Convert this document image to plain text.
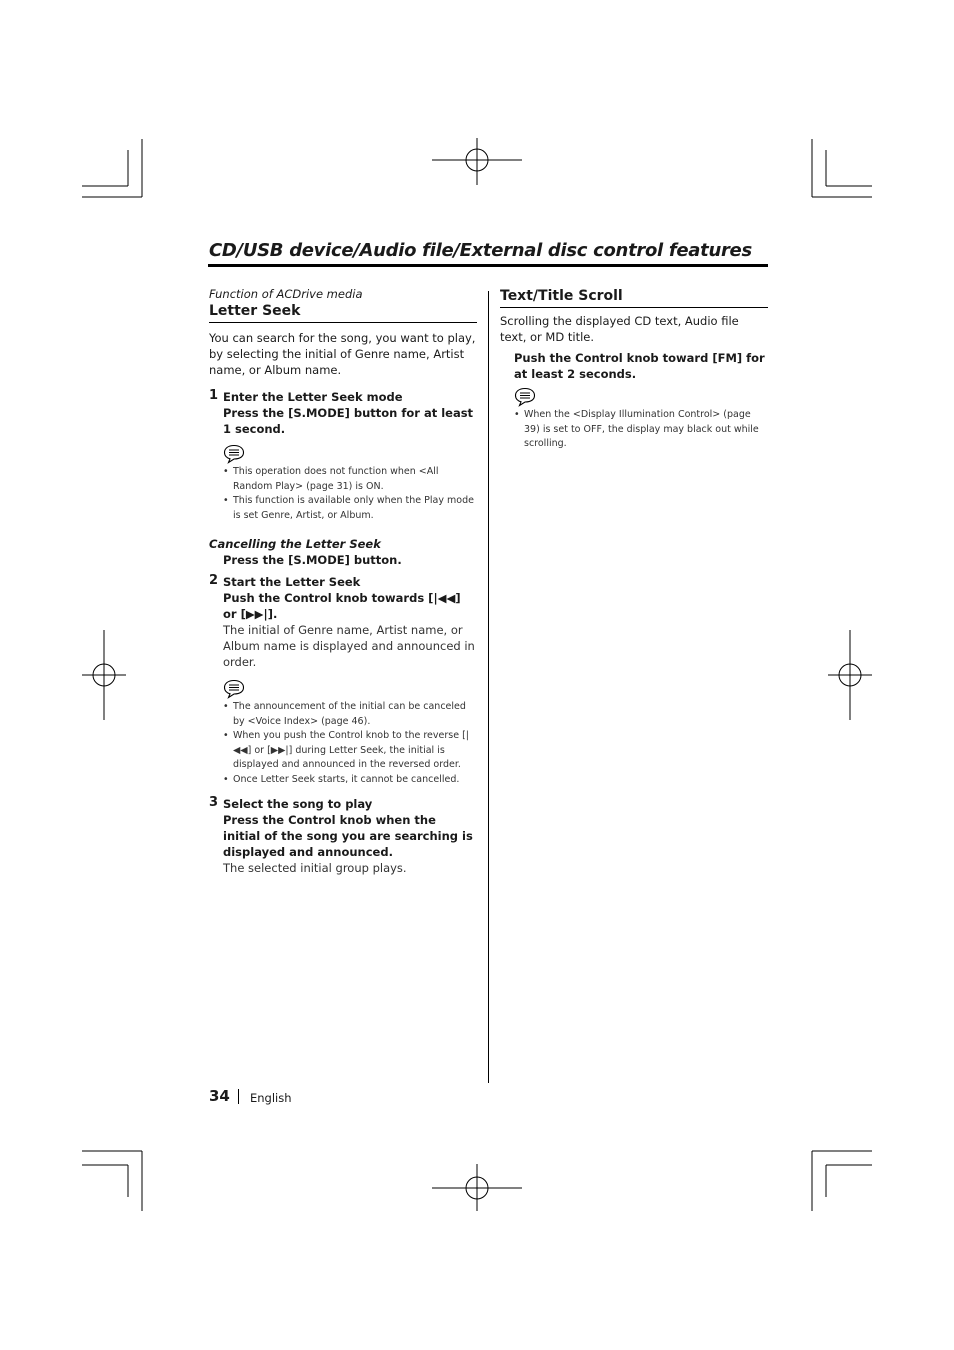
CD/USB device/Audio file/External disc control features

Function of ACDrive media

Letter Seek

You can search for the song, you want to play, by selecting the initial of Genre name, Artist name, or Album name.

1 Enter the Letter Seek mode

Press the [S.MODE] button for at least 1 second.

• This operation does not function when <All Random Play> (page 31) is ON.
• This function is available only when the Play mode is set Genre, Artist, or Album.

Cancelling the Letter Seek

Press the [S.MODE] button.

2 Start the Letter Seek

Push the Control knob towards [|◀◀] or [▶▶|].

The initial of Genre name, Artist name, or Album name is displayed and announced in order.

• The announcement of the initial can be canceled by <Voice Index> (page 46).
• When you push the Control knob to the reverse [|◀◀] or [▶▶|] during Letter Seek, the initial is displayed and announced in the reversed order.
• Once Letter Seek starts, it cannot be cancelled.
3 Select the song to play

Press the Control knob when the initial of the song you are searching is displayed and announced.

The selected initial group plays.

Text/Title Scroll

Scrolling the displayed CD text, Audio file text, or MD title.

Push the Control knob toward [FM] for at least 2 seconds.

• When the <Display Illumination Control> (page 39) is set to OFF, the display may black out while scrolling.
34 English
